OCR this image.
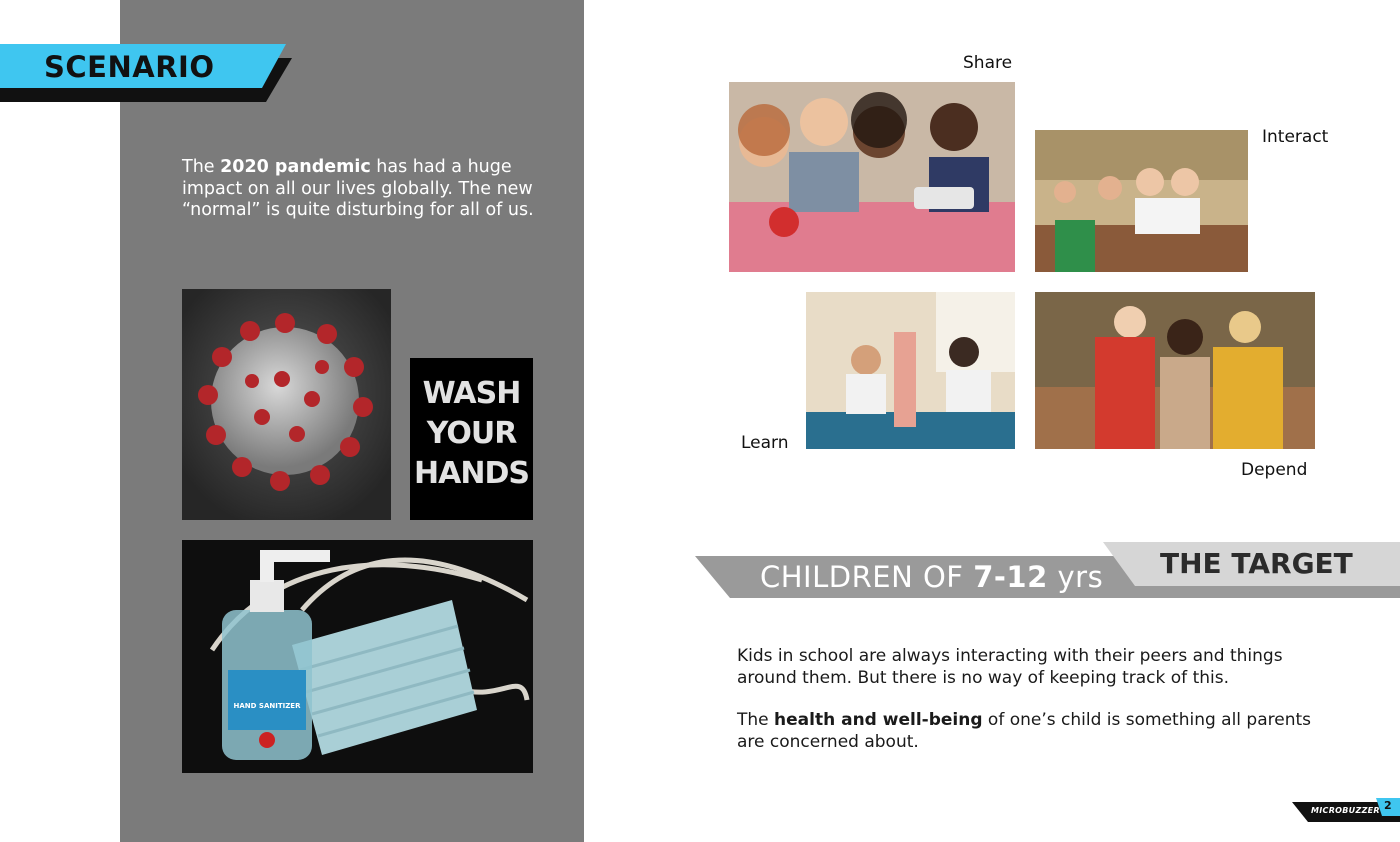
SCENARIO
The 2020 pandemic has had a huge impact on all our lives globally. The new “normal” is quite disturbing for all of us.
WASH
YOUR
HANDS
HAND SANITIZER
Share
Interact
Learn
Depend
CHILDREN OF 7-12 yrs THE TARGET
Kids in school are always interacting with their peers and things around them. But there is no way of keeping track of this.
The health and well-being of one’s child is something all parents are concerned about.
MICROBUZZER 2
